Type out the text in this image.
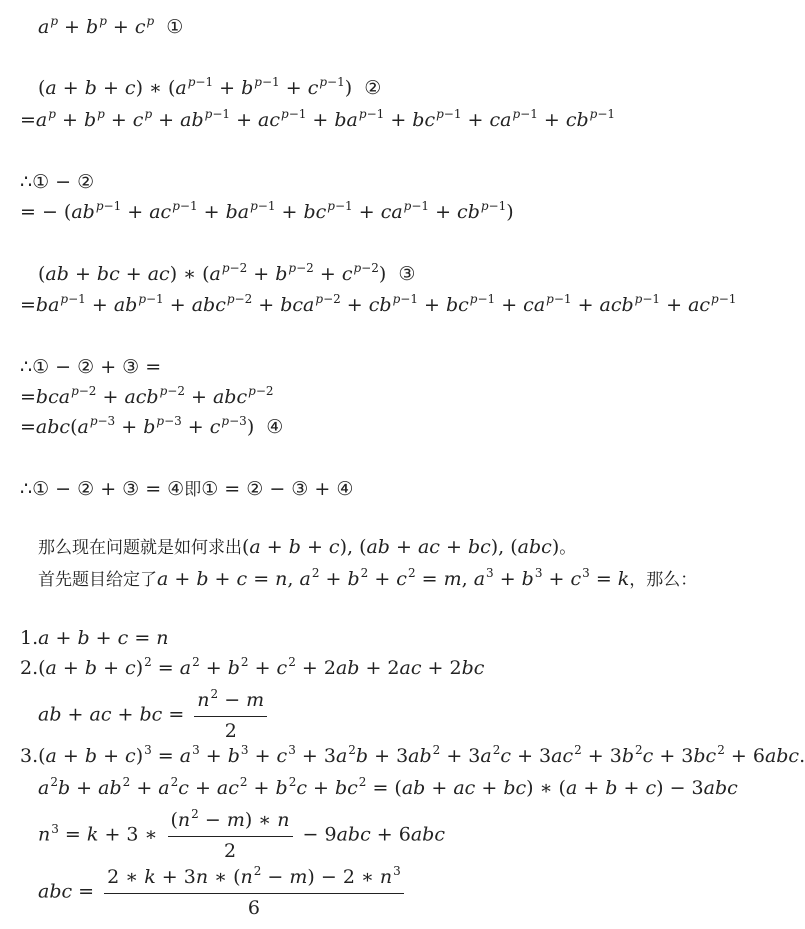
$a^p + b^p + c^p$  ①
(a + b + c) ∗ $(a^{p-1} + b^{p-1} + c^{p-1})$  ②
$=a^p + b^p + c^p + ab^{p-1} + ac^{p-1} + ba^{p-1} + bc^{p-1} + ca^{p-1} + cb^{p-1}$
∴① − ②
= − $(ab^{p-1} + ac^{p-1} + ba^{p-1} + bc^{p-1} + ca^{p-1} + cb^{p-1})$
(ab + bc + ac) ∗ $(a^{p-2} + b^{p-2} + c^{p-2})$  ③
$=ba^{p-1} + ab^{p-1} + abc^{p-2} + bca^{p-2} + cb^{p-1} + bc^{p-1} + ca^{p-1} + acb^{p-1} + ac^{p-1}$
∴① − ② + ③ =
=bca$^{p-2}$ + acb$^{p-2}$ + abc$^{p-2}$
$=abc(a^{p-3} + b^{p-3} + c^{p-3})$  ④
∴① − ② + ③ = ④即① = ② − ③ + ④
那么现在问题就是如何求出(a + b + c), (ab + ac + bc), (abc)。
首先题目给定了a + b + c = n, $a^2 + b^2 + c^2 = m$, $a^3 + b^3 + c^3 = k$，那么：
1.a + b + c = n
$2.(a + b + c)^2 = a^2 + b^2 + c^2 + 2ab + 2ac + 2bc$
ab + ac + bc = $\frac{n^2 - m}{2}$
$3.(a + b + c)^3 = a^3 + b^3 + c^3 + 3a^2b + 3ab^2 + 3a^2c + 3ac^2 + 3b^2c + 3bc^2 + 6abc$.
$a^2b + ab^2 + a^2c + ac^2 + b^2c + bc^2 = (ab$ + ac + bc) ∗ (a + b + c) − 3abc
$n^3 = k + 3$ ∗ $\frac{(n^2 - m) ∗ n}{2} - 9abc + 6abc$
abc = $\frac{2 ∗ k + 3n ∗ (n^2 - m) - 2 ∗ n^3}{6}$
